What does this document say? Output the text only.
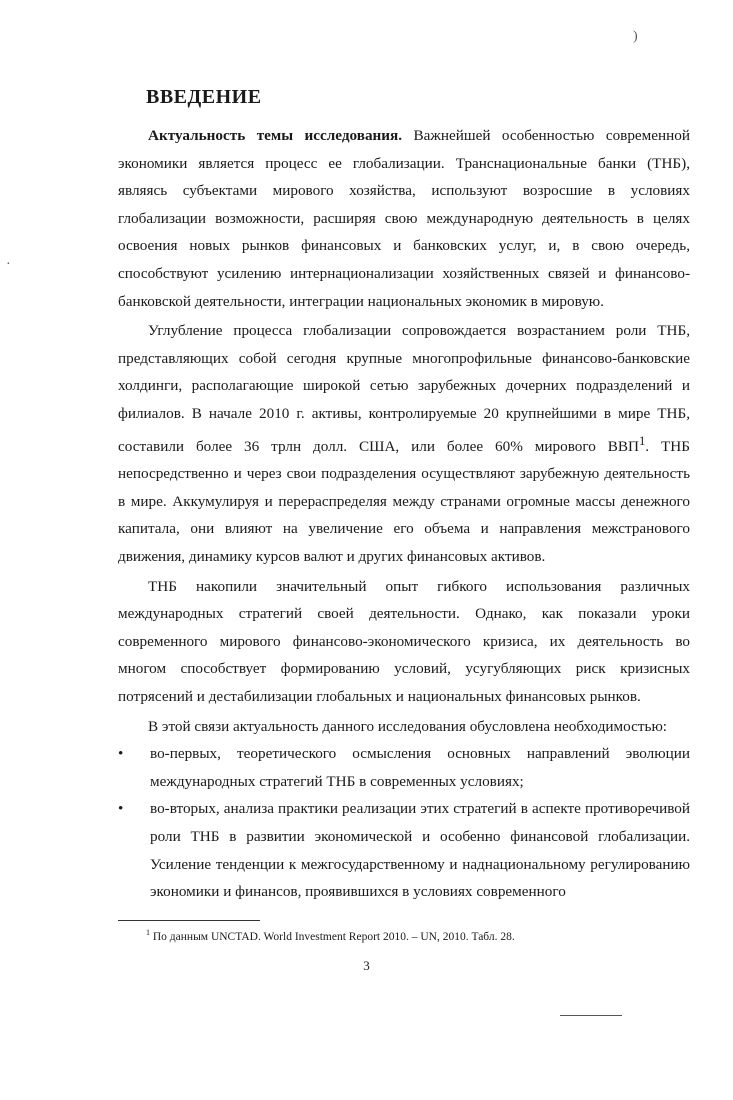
)
·
ВВЕДЕНИЕ

Актуальность темы исследования. Важнейшей особенностью современной экономики является процесс ее глобализации. Транснациональные банки (ТНБ), являясь субъектами мирового хозяйства, используют возросшие в условиях глобализации возможности, расширяя свою международную деятельность в целях освоения новых рынков финансовых и банковских услуг, и, в свою очередь, способствуют усилению интернационализации хозяйственных связей и финансово-банковской деятельности, интеграции национальных экономик в мировую.

Углубление процесса глобализации сопровождается возрастанием роли ТНБ, представляющих собой сегодня крупные многопрофильные финансово-банковские холдинги, располагающие широкой сетью зарубежных дочерних подразделений и филиалов. В начале 2010 г. активы, контролируемые 20 крупнейшими в мире ТНБ, составили более 36 трлн долл. США, или более 60% мирового ВВП$^1$. ТНБ непосредственно и через свои подразделения осуществляют зарубежную деятельность в мире. Аккумулируя и перераспределяя между странами огромные массы денежного капитала, они влияют на увеличение его объема и направления межстранового движения, динамику курсов валют и других финансовых активов.

ТНБ накопили значительный опыт гибкого использования различных международных стратегий своей деятельности. Однако, как показали уроки современного мирового финансово-экономического кризиса, их деятельность во многом способствует формированию условий, усугубляющих риск кризисных потрясений и дестабилизации глобальных и национальных финансовых рынков.

В этой связи актуальность данного исследования обусловлена необходимостью:

• во-первых, теоретического осмысления основных направлений эволюции международных стратегий ТНБ в современных условиях;
• во-вторых, анализа практики реализации этих стратегий в аспекте противоречивой роли ТНБ в развитии экономической и особенно финансовой глобализации. Усиление тенденции к межгосударственному и наднациональному регулированию экономики и финансов, проявившихся в условиях современного
$^1$ По данным UNCTAD. World Investment Report 2010. – UN, 2010. Табл. 28.
3
